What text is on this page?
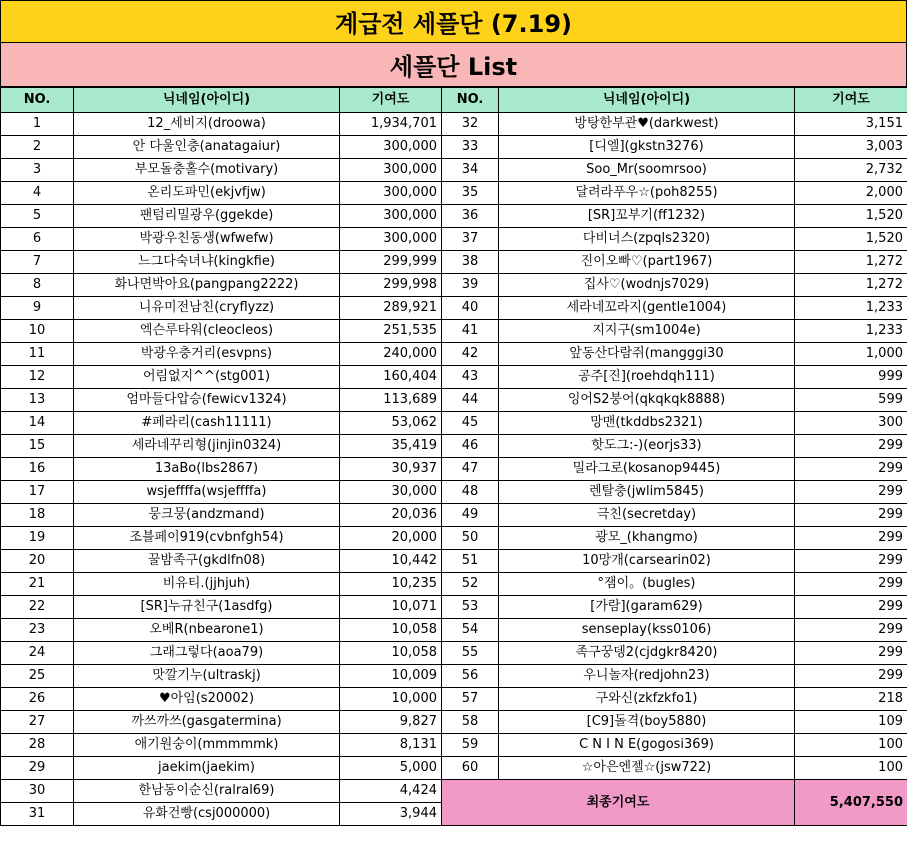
계급전 세플단 (7.19)
세플단 List
NO.	닉네임(아이디)	기여도	NO.	닉네임(아이디)	기여도
1	12_세비지(droowa)	1,934,701	32	방탕한부관♥(darkwest)	3,151
2	안 다울인충(anatagaiur)	300,000	33	[디엘](gkstn3276)	3,003
3	부모돌충홀수(motivary)	300,000	34	Soo_Mr(soomrsoo)	2,732
4	온리도파민(ekjvfjw)	300,000	35	달려라푸우☆(poh8255)	2,000
5	팬텀리밀광우(ggekde)	300,000	36	[SR]꼬부기(ff1232)	1,520
6	박광우친동생(wfwefw)	300,000	37	다비너스(zpqls2320)	1,520
7	느그다숙녀냐(kingkfie)	299,999	38	진이오빠♡(part1967)	1,272
8	화나면박아요(pangpang2222)	299,998	39	집사♡(wodnjs7029)	1,272
9	니유미전남친(cryflyzz)	289,921	40	세라네꼬라지(gentle1004)	1,233
10	엑슨루타워(cleocleos)	251,535	41	지지구(sm1004e)	1,233
11	박광우충거리(esvpns)	240,000	42	앞동산다람쥐(mangggi30	1,000
12	어림없지^^(stg001)	160,404	43	공주[진](roehdqh111)	999
13	엄마들다압승(fewicv1324)	113,689	44	잉어S2붕어(qkqkqk8888)	599
14	#페라리(cash11111)	53,062	45	망맨(tkddbs2321)	300
15	세라네꾸리형(jinjin0324)	35,419	46	핫도그:-)(eorjs33)	299
16	13aBo(lbs2867)	30,937	47	밀라그로(kosanop9445)	299
17	wsjeffffa(wsjeffffa)	30,000	48	렌탈충(jwlim5845)	299
18	뭉크뭉(andzmand)	20,036	49	극친(secretday)	299
19	조블페이919(cvbnfgh54)	20,000	50	광모_(khangmo)	299
20	꿀밤족구(gkdlfn08)	10,442	51	10망개(carsearin02)	299
21	비유티.(jjhjuh)	10,235	52	°잼이。(bugles)	299
22	[SR]누규친구(1asdfg)	10,071	53	[가람](garam629)	299
23	오베R(nbearone1)	10,058	54	senseplay(kss0106)	299
24	그래그렇다(aoa79)	10,058	55	족구꿍뎅2(cjdgkr8420)	299
25	맛깔기누(ultraskj)	10,009	56	우니놀자(redjohn23)	299
26	♥아임(s20002)	10,000	57	구와신(zkfzkfo1)	218
27	까쓰까쓰(gasgatermina)	9,827	58	[C9]돌격(boy5880)	109
28	애기원숭이(mmmmmk)	8,131	59	C N I N E(gogosi369)	100
29	jaekim(jaekim)	5,000	60	☆아은엔젤☆(jsw722)	100
30	한남동이순신(ralral69)	4,424	최종기여도		5,407,550
31	유화건빵(csj000000)	3,944			
